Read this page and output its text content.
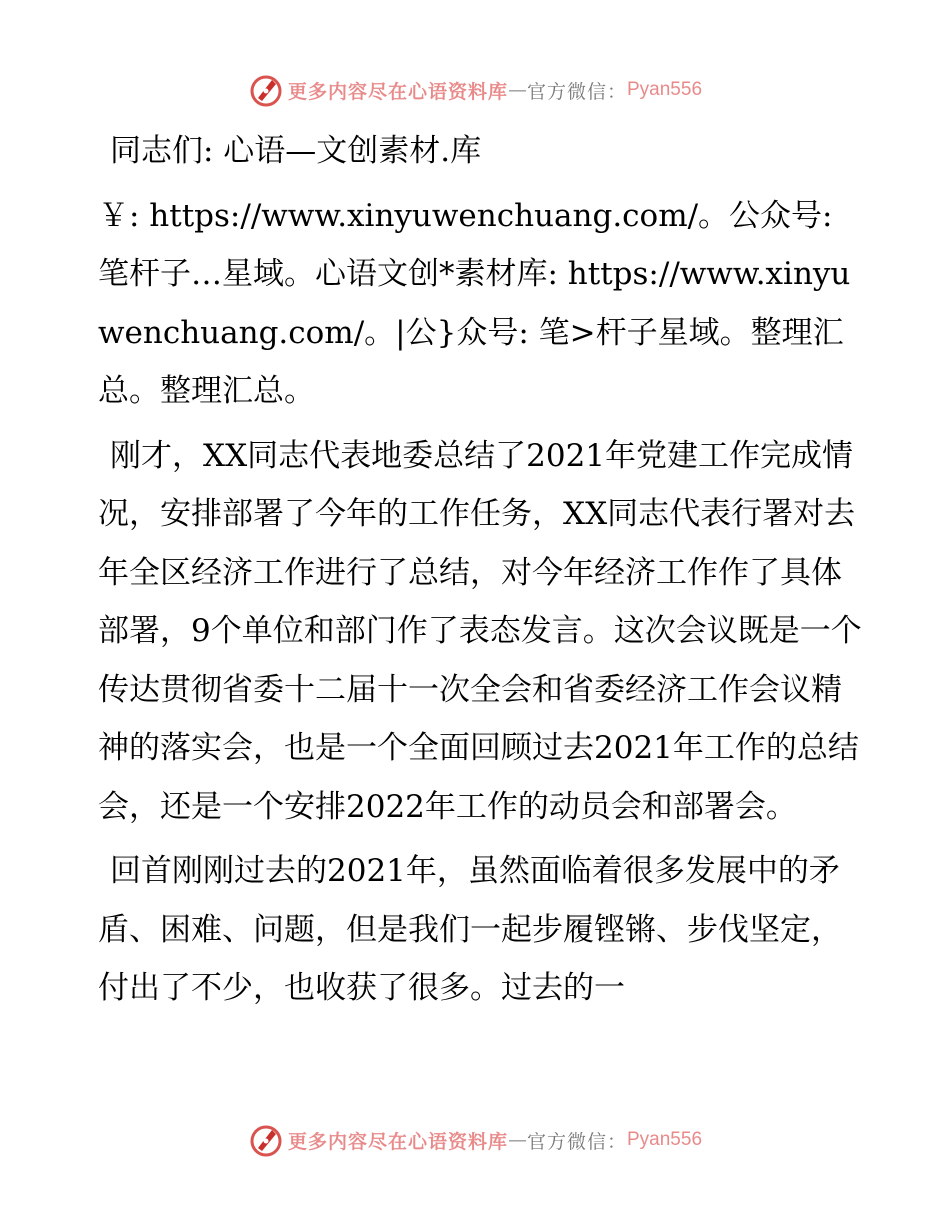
更多内容尽在心语资料库 — 官方微信： Pyan556

同志们: 心语—文创素材.库

￥: https://www.xinyuwenchuang.com/。公众号: 笔杆子…星域。心语文创*素材库: https://www.xinyuwenchuang.com/。|公}众号: 笔>杆子星域。整理汇总。整理汇总。

刚才，XX同志代表地委总结了2021年党建工作完成情况，安排部署了今年的工作任务，XX同志代表行署对去年全区经济工作进行了总结，对今年经济工作作了具体部署，9个单位和部门作了表态发言。这次会议既是一个传达贯彻省委十二届十一次全会和省委经济工作会议精神的落实会，也是一个全面回顾过去2021年工作的总结会，还是一个安排2022年工作的动员会和部署会。

回首刚刚过去的2021年，虽然面临着很多发展中的矛盾、困难、问题，但是我们一起步履铿锵、步伐坚定，付出了不少，也收获了很多。过去的一

更多内容尽在心语资料库 — 官方微信： Pyan556
